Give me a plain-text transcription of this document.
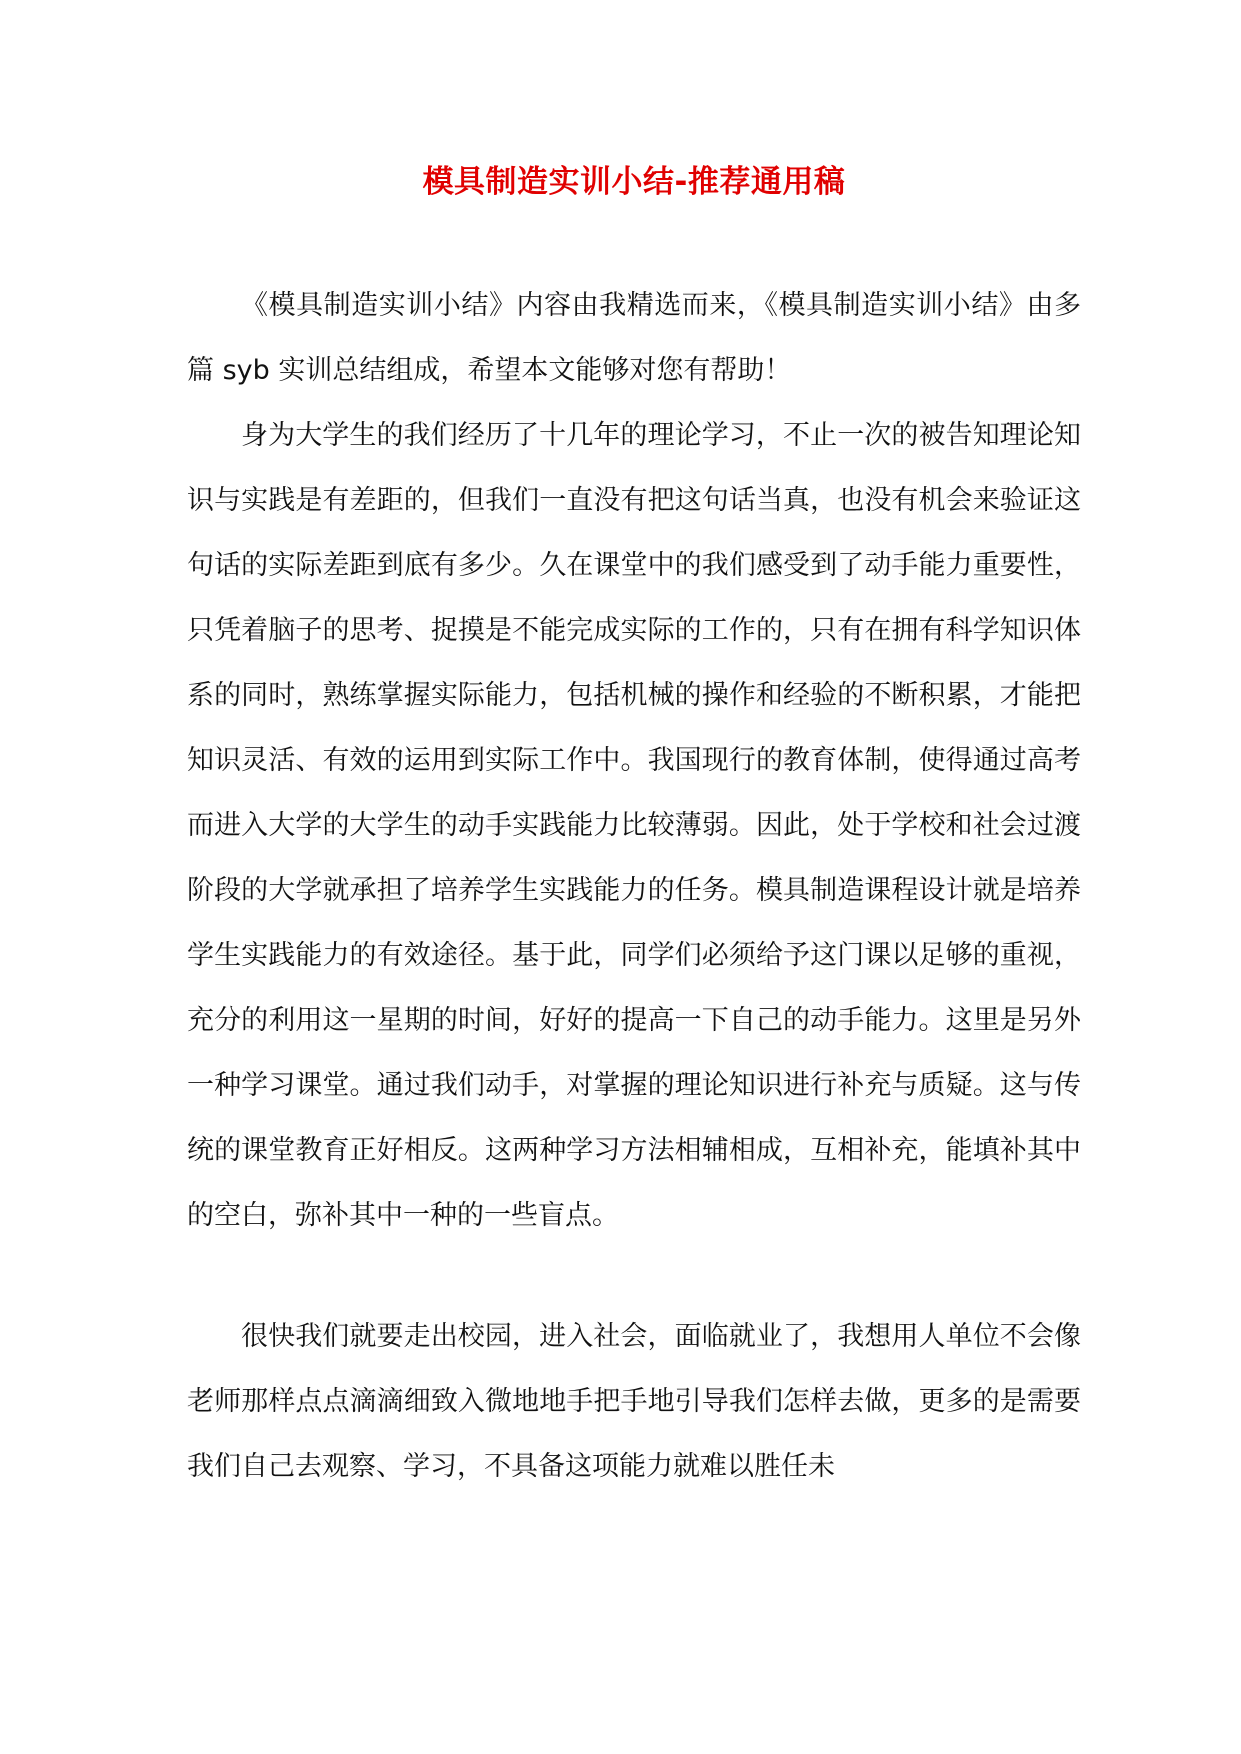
模具制造实训小结-推荐通用稿

《模具制造实训小结》内容由我精选而来，《模具制造实训小结》由多篇 syb 实训总结组成，希望本文能够对您有帮助！

身为大学生的我们经历了十几年的理论学习，不止一次的被告知理论知识与实践是有差距的，但我们一直没有把这句话当真，也没有机会来验证这句话的实际差距到底有多少。久在课堂中的我们感受到了动手能力重要性，只凭着脑子的思考、捉摸是不能完成实际的工作的，只有在拥有科学知识体系的同时，熟练掌握实际能力，包括机械的操作和经验的不断积累，才能把知识灵活、有效的运用到实际工作中。我国现行的教育体制，使得通过高考而进入大学的大学生的动手实践能力比较薄弱。因此，处于学校和社会过渡阶段的大学就承担了培养学生实践能力的任务。模具制造课程设计就是培养学生实践能力的有效途径。基于此，同学们必须给予这门课以足够的重视，充分的利用这一星期的时间，好好的提高一下自己的动手能力。这里是另外一种学习课堂。通过我们动手，对掌握的理论知识进行补充与质疑。这与传统的课堂教育正好相反。这两种学习方法相辅相成，互相补充，能填补其中的空白，弥补其中一种的一些盲点。

很快我们就要走出校园，进入社会，面临就业了，我想用人单位不会像老师那样点点滴滴细致入微地地手把手地引导我们怎样去做，更多的是需要我们自己去观察、学习，不具备这项能力就难以胜任未
